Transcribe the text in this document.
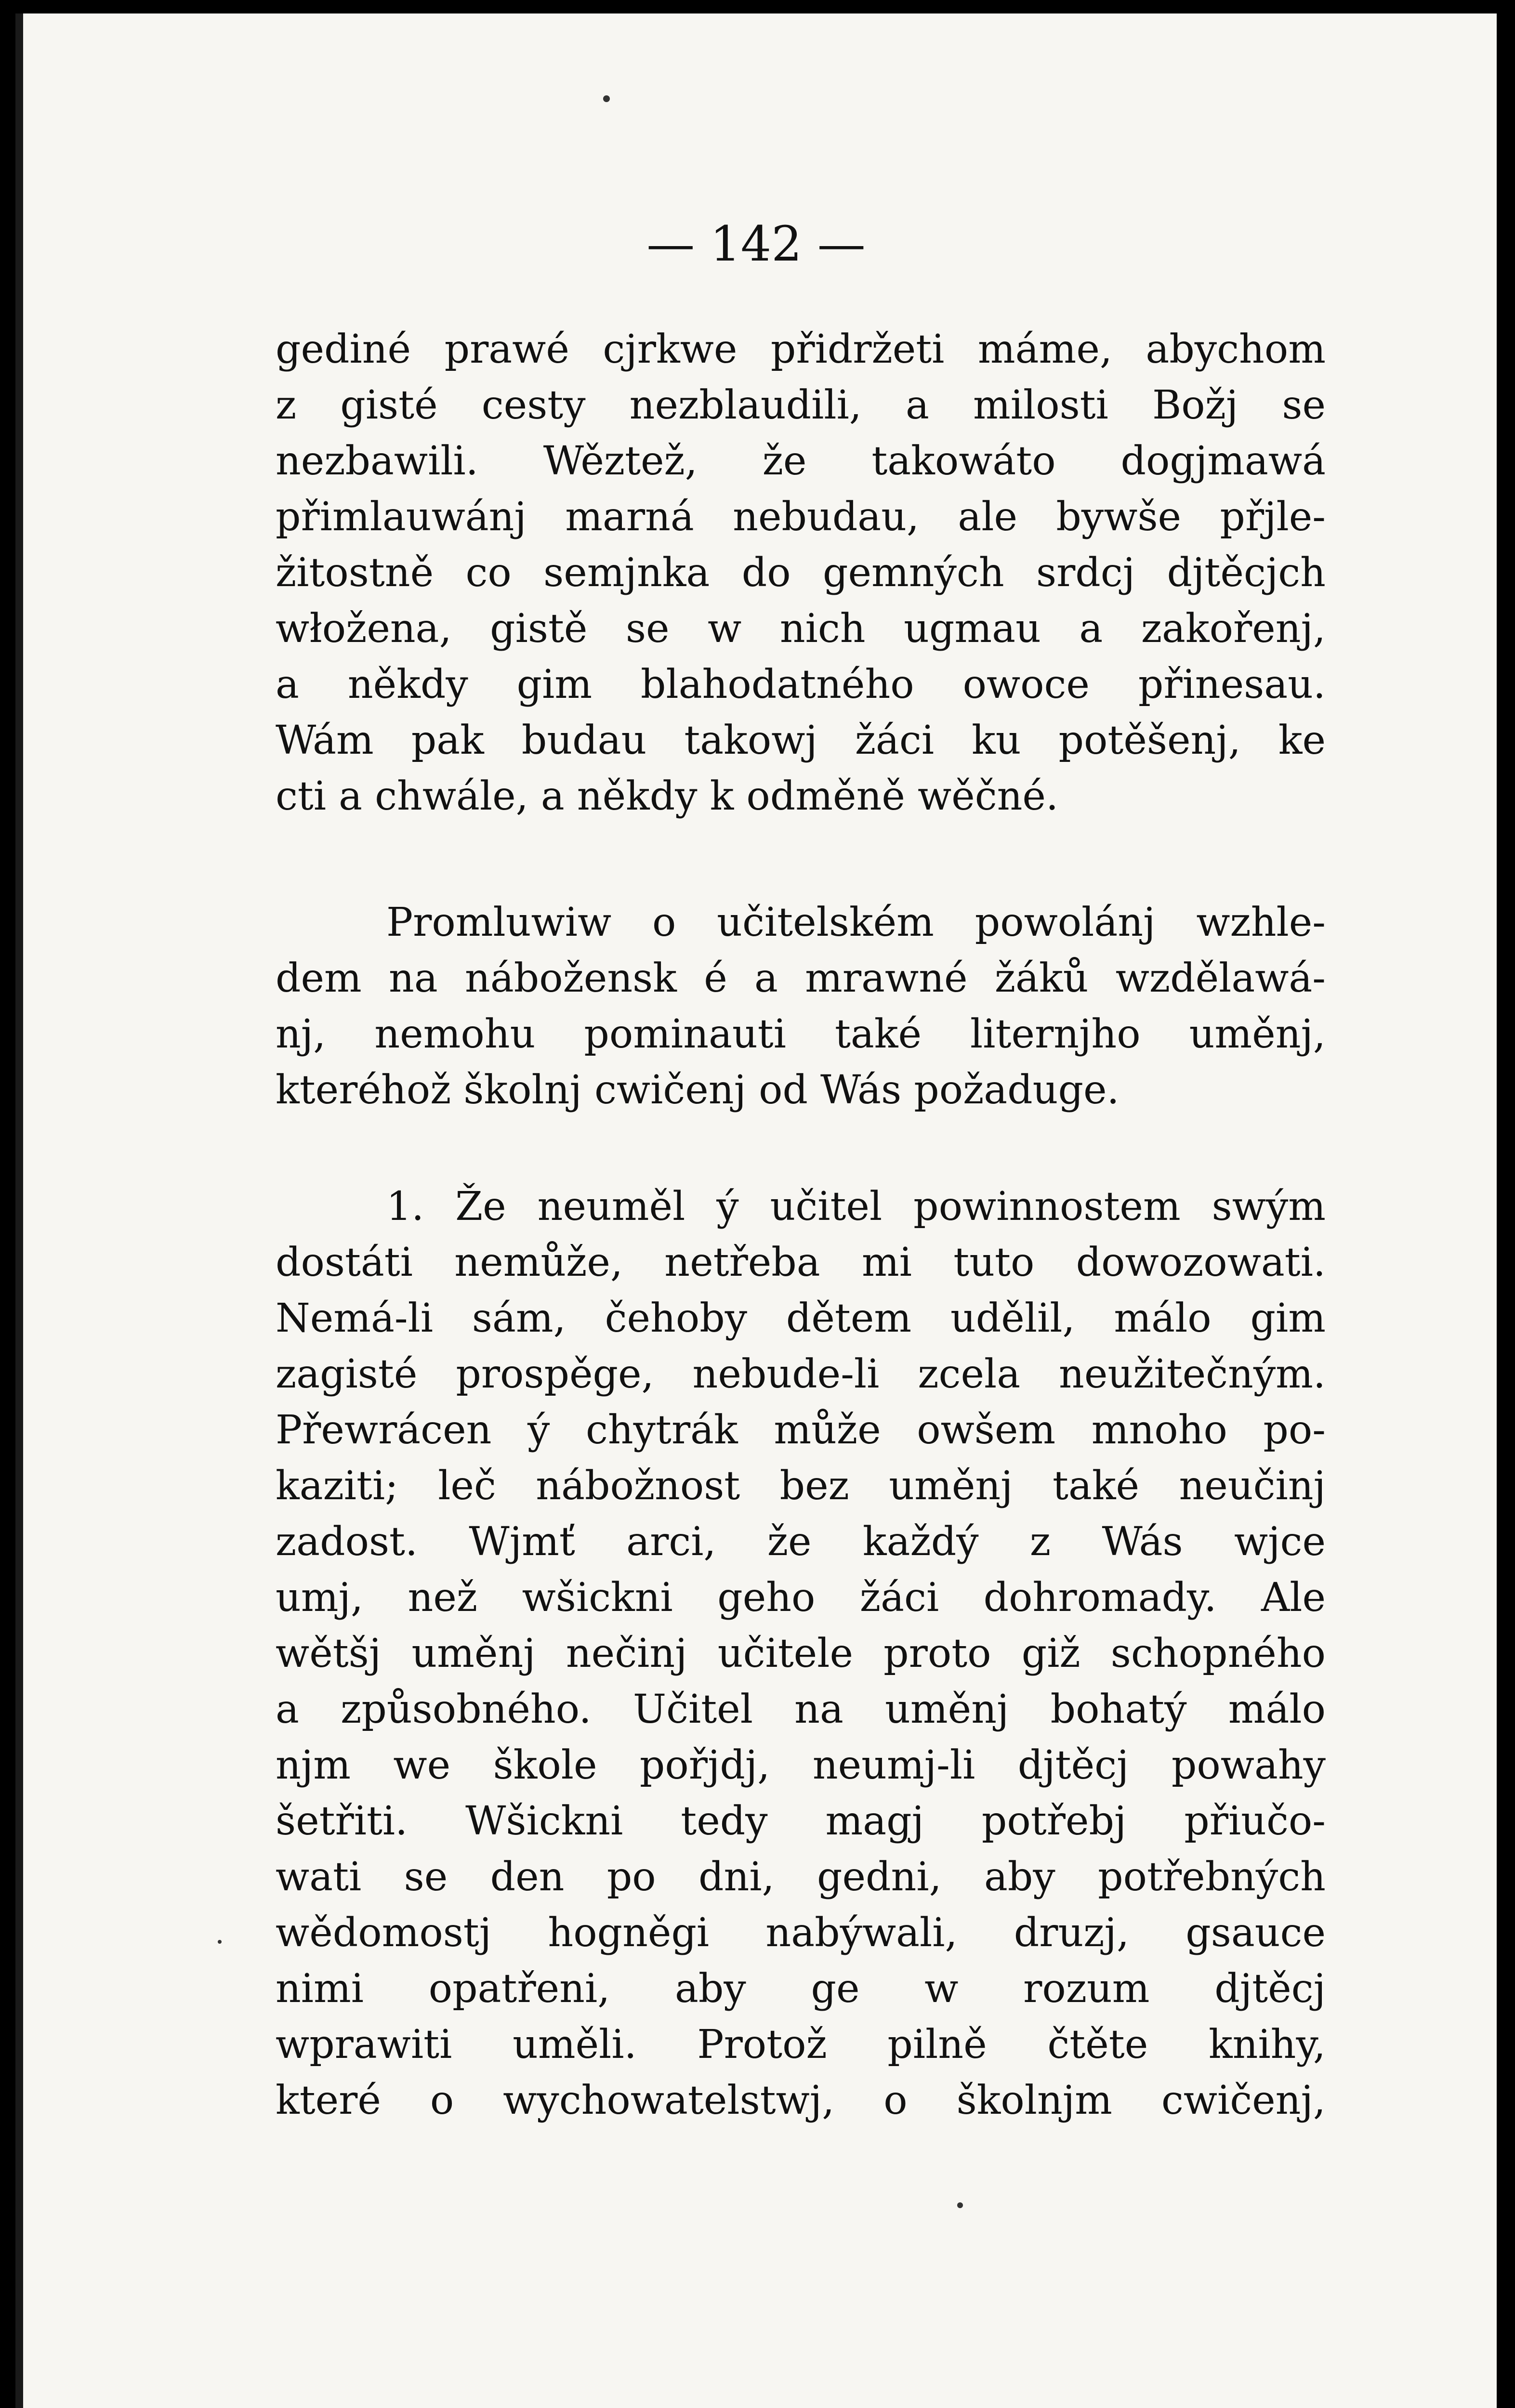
— 142 —
gediné prawé cjrkwe přidržeti máme, abychom
z gisté cesty nezblaudili, a milosti Božj se
nezbawili. Wěztež, že takowáto dogjmawá
přimlauwánj marná nebudau, ale bywše přjle-
žitostně co semjnka do gemných srdcj djtěcjch
włožena, gistě se w nich ugmau a zakořenj,
a někdy gim blahodatného owoce přinesau.
Wám pak budau takowj žáci ku potěšenj, ke
cti a chwále, a někdy k odměně wěčné.
Promluwiw o učitelském powolánj wzhle-
dem na nábožensk é a mrawné žáků wzdělawá-
nj, nemohu pominauti také liternjho uměnj,
kteréhož školnj cwičenj od Wás požaduge.
1. Že neuměl ý učitel powinnostem swým
dostáti nemůže, netřeba mi tuto dowozowati.
Nemá-li sám, čehoby dětem udělil, málo gim
zagisté prospěge, nebude-li zcela neužitečným.
Přewrácen ý chytrák může owšem mnoho po-
kaziti; leč nábožnost bez uměnj také neučinj
zadost. Wjmť arci, že každý z Wás wjce
umj, než wšickni geho žáci dohromady. Ale
wětšj uměnj nečinj učitele proto giž schopného
a způsobného. Učitel na uměnj bohatý málo
njm we škole pořjdj, neumj-li djtěcj powahy
šetřiti. Wšickni tedy magj potřebj přiučo-
wati se den po dni, gedni, aby potřebných
wědomostj hogněgi nabýwali, druzj, gsauce
nimi opatřeni, aby ge w rozum djtěcj
wprawiti uměli. Protož pilně čtěte knihy,
které o wychowatelstwj, o školnjm cwičenj,
